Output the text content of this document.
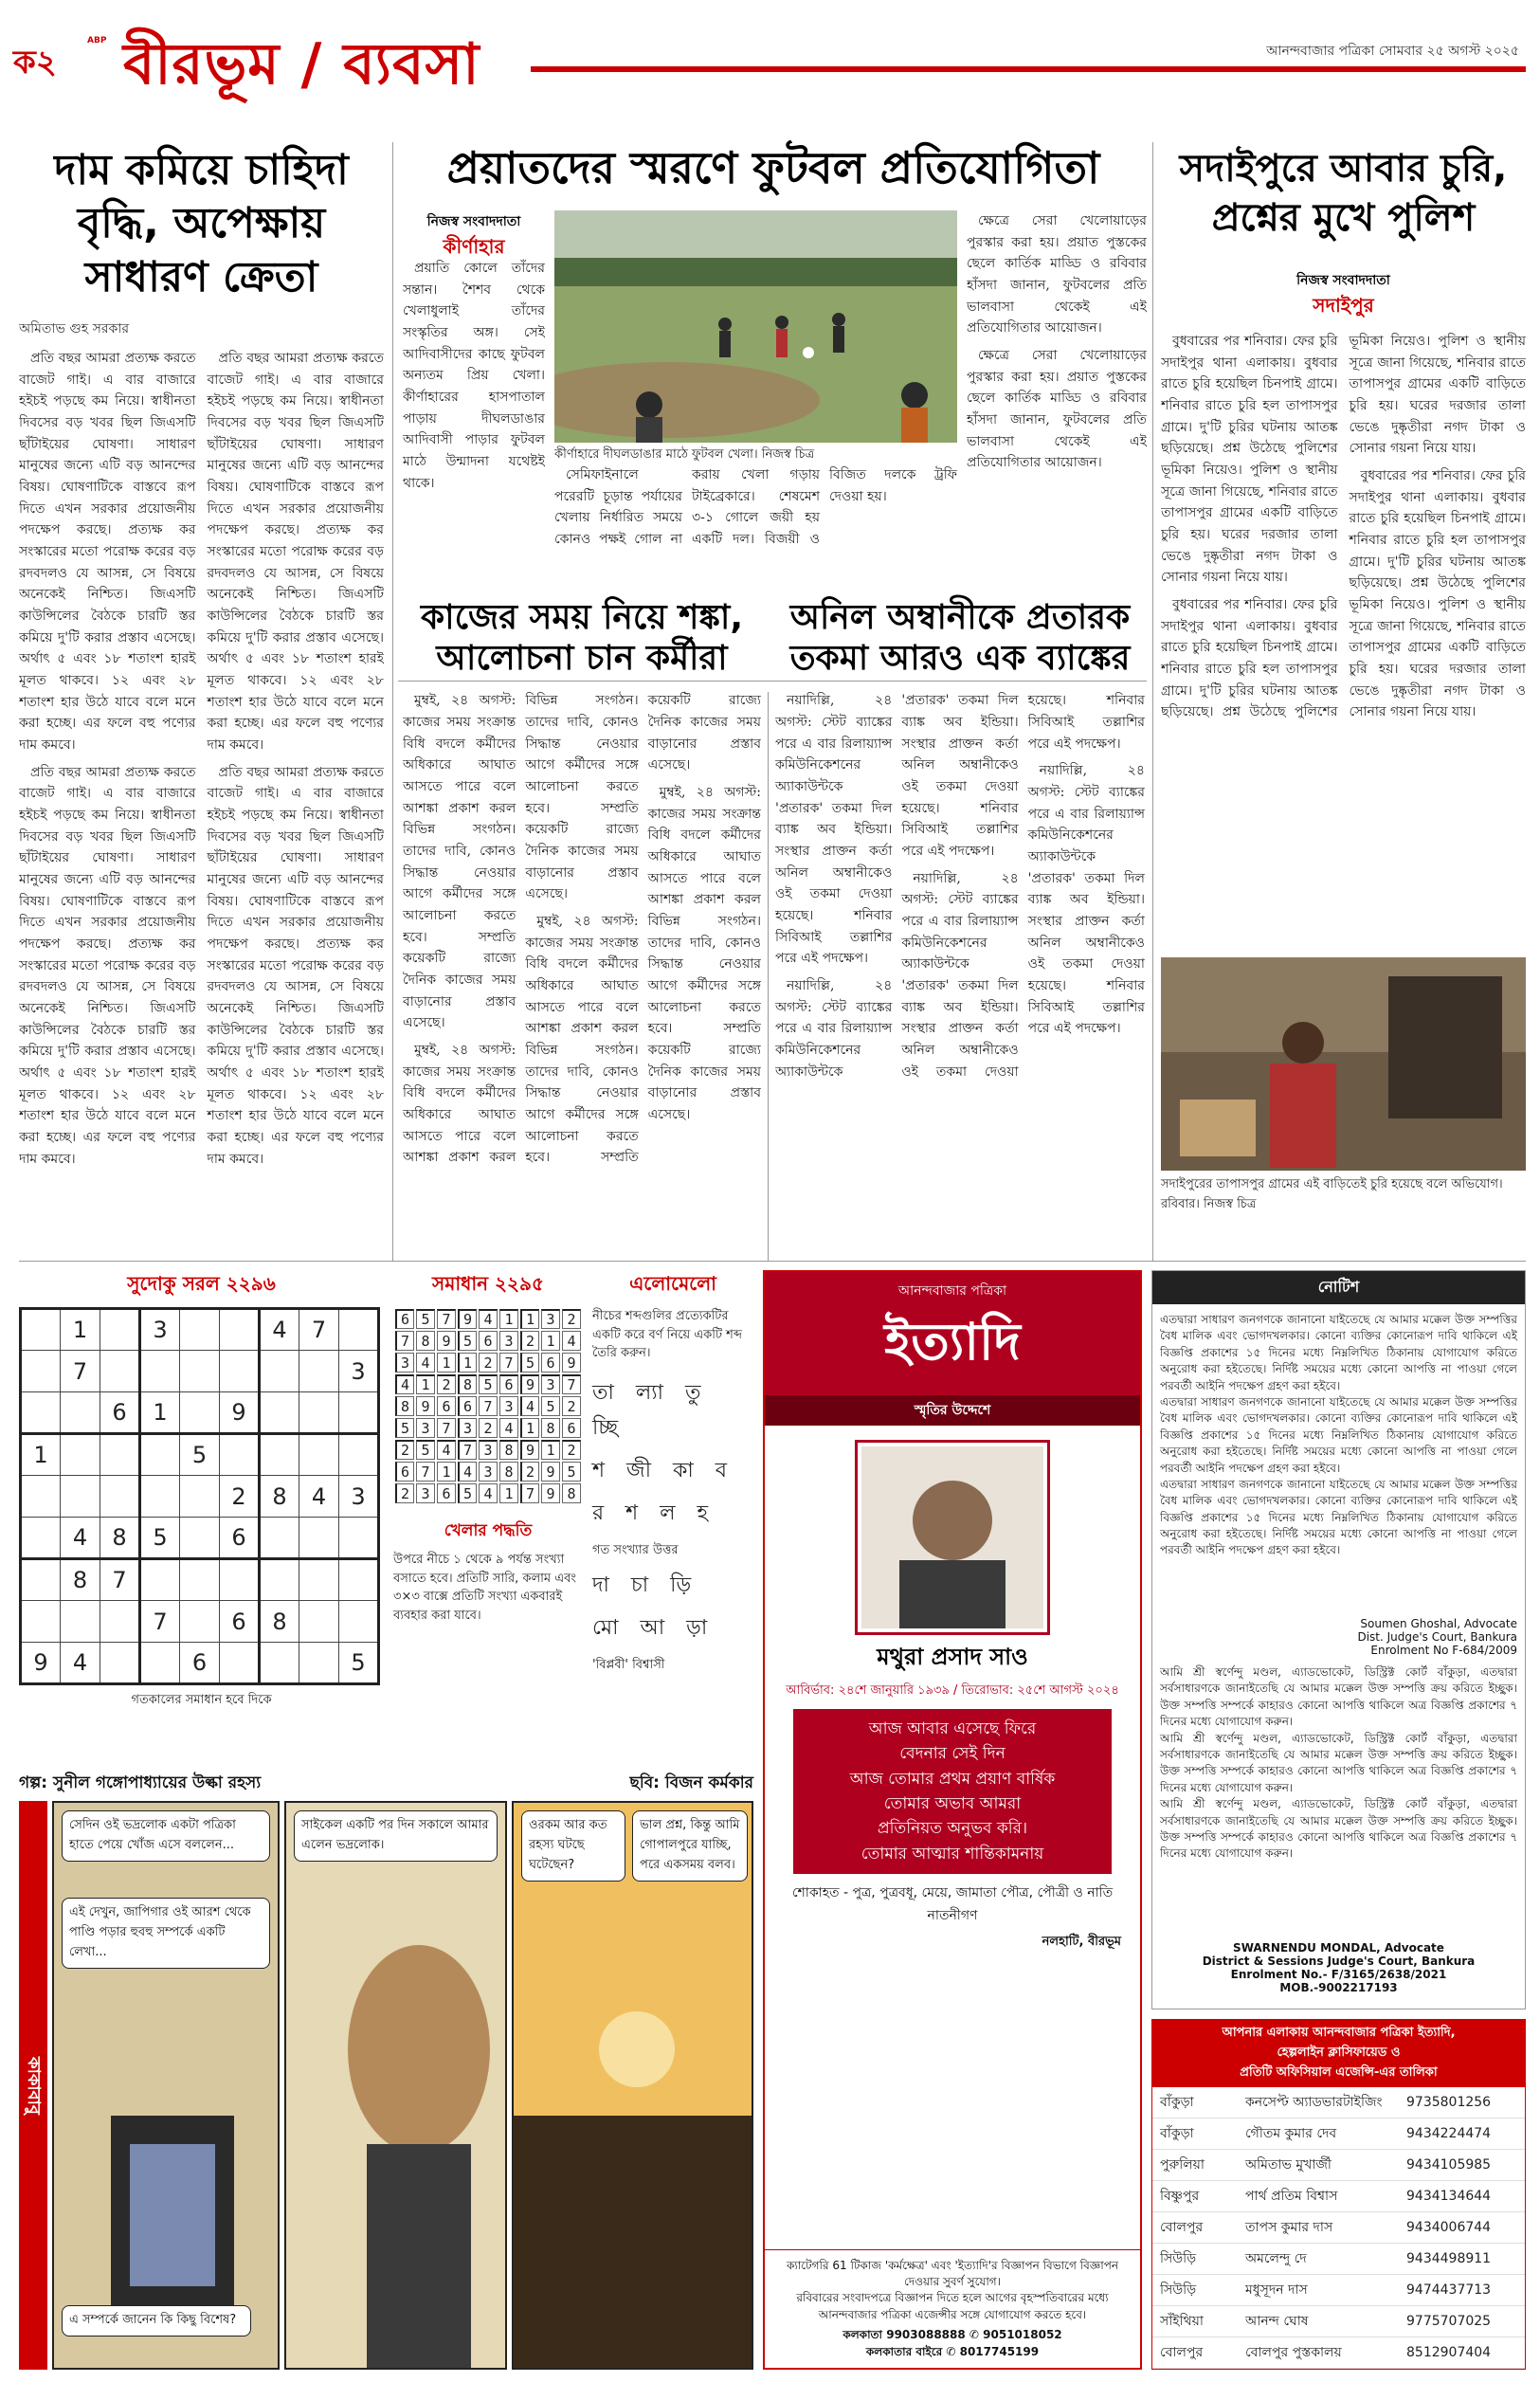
ক২
ABP বীরভূম / ব্যবসা	আনন্দবাজার পত্রিকা সোমবার ২৫ অগস্ট ২০২৫
দাম কমিয়ে চাহিদা বৃদ্ধি, অপেক্ষায় সাধারণ ক্রেতা
অমিতাভ গুহ সরকার

প্রতি বছর আমরা প্রত্যক্ষ করতে বাজেট গাই। এ বার বাজারে হইচই পড়ছে কম নিয়ে। স্বাধীনতা দিবসের বড় খবর ছিল জিএসটি ছাঁটাইয়ের ঘোষণা। সাধারণ মানুষের জন্যে এটি বড় আনন্দের বিষয়। ঘোষণাটিকে বাস্তবে রূপ দিতে এখন সরকার প্রয়োজনীয় পদক্ষেপ করছে। প্রত্যক্ষ কর সংস্কারের মতো পরোক্ষ করের বড় রদবদলও যে আসন্ন, সে বিষয়ে অনেকেই নিশ্চিত। জিএসটি কাউন্সিলের বৈঠকে চারটি স্তর কমিয়ে দু'টি করার প্রস্তাব এসেছে। অর্থাৎ ৫ এবং ১৮ শতাংশ হারই মূলত থাকবে। ১২ এবং ২৮ শতাংশ হার উঠে যাবে বলে মনে করা হচ্ছে। এর ফলে বহু পণ্যের দাম কমবে।

প্রতি বছর আমরা প্রত্যক্ষ করতে বাজেট গাই। এ বার বাজারে হইচই পড়ছে কম নিয়ে। স্বাধীনতা দিবসের বড় খবর ছিল জিএসটি ছাঁটাইয়ের ঘোষণা। সাধারণ মানুষের জন্যে এটি বড় আনন্দের বিষয়। ঘোষণাটিকে বাস্তবে রূপ দিতে এখন সরকার প্রয়োজনীয় পদক্ষেপ করছে। প্রত্যক্ষ কর সংস্কারের মতো পরোক্ষ করের বড় রদবদলও যে আসন্ন, সে বিষয়ে অনেকেই নিশ্চিত। জিএসটি কাউন্সিলের বৈঠকে চারটি স্তর কমিয়ে দু'টি করার প্রস্তাব এসেছে। অর্থাৎ ৫ এবং ১৮ শতাংশ হারই মূলত থাকবে। ১২ এবং ২৮ শতাংশ হার উঠে যাবে বলে মনে করা হচ্ছে। এর ফলে বহু পণ্যের দাম কমবে।

প্রতি বছর আমরা প্রত্যক্ষ করতে বাজেট গাই। এ বার বাজারে হইচই পড়ছে কম নিয়ে। স্বাধীনতা দিবসের বড় খবর ছিল জিএসটি ছাঁটাইয়ের ঘোষণা। সাধারণ মানুষের জন্যে এটি বড় আনন্দের বিষয়। ঘোষণাটিকে বাস্তবে রূপ দিতে এখন সরকার প্রয়োজনীয় পদক্ষেপ করছে। প্রত্যক্ষ কর সংস্কারের মতো পরোক্ষ করের বড় রদবদলও যে আসন্ন, সে বিষয়ে অনেকেই নিশ্চিত। জিএসটি কাউন্সিলের বৈঠকে চারটি স্তর কমিয়ে দু'টি করার প্রস্তাব এসেছে। অর্থাৎ ৫ এবং ১৮ শতাংশ হারই মূলত থাকবে। ১২ এবং ২৮ শতাংশ হার উঠে যাবে বলে মনে করা হচ্ছে। এর ফলে বহু পণ্যের দাম কমবে।

প্রতি বছর আমরা প্রত্যক্ষ করতে বাজেট গাই। এ বার বাজারে হইচই পড়ছে কম নিয়ে। স্বাধীনতা দিবসের বড় খবর ছিল জিএসটি ছাঁটাইয়ের ঘোষণা। সাধারণ মানুষের জন্যে এটি বড় আনন্দের বিষয়। ঘোষণাটিকে বাস্তবে রূপ দিতে এখন সরকার প্রয়োজনীয় পদক্ষেপ করছে। প্রত্যক্ষ কর সংস্কারের মতো পরোক্ষ করের বড় রদবদলও যে আসন্ন, সে বিষয়ে অনেকেই নিশ্চিত। জিএসটি কাউন্সিলের বৈঠকে চারটি স্তর কমিয়ে দু'টি করার প্রস্তাব এসেছে। অর্থাৎ ৫ এবং ১৮ শতাংশ হারই মূলত থাকবে। ১২ এবং ২৮ শতাংশ হার উঠে যাবে বলে মনে করা হচ্ছে। এর ফলে বহু পণ্যের দাম কমবে।

প্রয়াতদের স্মরণে ফুটবল প্রতিযোগিতা
নিজস্ব সংবাদদাতা
কীর্ণাহার

প্রয়াতি কোলে তাঁদের সন্তান। শৈশব থেকে খেলাধুলাই তাঁদের সংস্কৃতির অঙ্গ। সেই আদিবাসীদের কাছে ফুটবল অন্যতম প্রিয় খেলা। কীর্ণাহারের হাসপাতাল পাড়ায় দীঘলডাঙার আদিবাসী পাড়ার ফুটবল মাঠে উন্মাদনা যথেষ্টই থাকে।

কীর্ণাহারে দীঘলডাঙার মাঠে ফুটবল খেলা। নিজস্ব চিত্র

ক্ষেত্রে সেরা খেলোয়াড়ের পুরস্কার করা হয়। প্রয়াত পুস্তকের ছেলে কার্তিক মাড্ডি ও রবিবার হাঁসদা জানান, ফুটবলের প্রতি ভালবাসা থেকেই এই প্রতিযোগিতার আয়োজন।

ক্ষেত্রে সেরা খেলোয়াড়ের পুরস্কার করা হয়। প্রয়াত পুস্তকের ছেলে কার্তিক মাড্ডি ও রবিবার হাঁসদা জানান, ফুটবলের প্রতি ভালবাসা থেকেই এই প্রতিযোগিতার আয়োজন।

সেমিফাইনালে পরেরটি চূড়ান্ত পর্যায়ের খেলায় নির্ধারিত সময়ে কোনও পক্ষই গোল না করায় খেলা গড়ায় টাইব্রেকারে। শেষমেশ ৩-১ গোলে জয়ী হয় একটি দল। বিজয়ী ও বিজিত দলকে ট্রফি দেওয়া হয়।

কাজের সময় নিয়ে শঙ্কা, আলোচনা চান কর্মীরা

মুম্বই, ২৪ অগস্ট: কাজের সময় সংক্রান্ত বিধি বদলে কর্মীদের অধিকারে আঘাত আসতে পারে বলে আশঙ্কা প্রকাশ করল বিভিন্ন সংগঠন। তাদের দাবি, কোনও সিদ্ধান্ত নেওয়ার আগে কর্মীদের সঙ্গে আলোচনা করতে হবে। সম্প্রতি কয়েকটি রাজ্যে দৈনিক কাজের সময় বাড়ানোর প্রস্তাব এসেছে।

মুম্বই, ২৪ অগস্ট: কাজের সময় সংক্রান্ত বিধি বদলে কর্মীদের অধিকারে আঘাত আসতে পারে বলে আশঙ্কা প্রকাশ করল বিভিন্ন সংগঠন। তাদের দাবি, কোনও সিদ্ধান্ত নেওয়ার আগে কর্মীদের সঙ্গে আলোচনা করতে হবে। সম্প্রতি কয়েকটি রাজ্যে দৈনিক কাজের সময় বাড়ানোর প্রস্তাব এসেছে।

মুম্বই, ২৪ অগস্ট: কাজের সময় সংক্রান্ত বিধি বদলে কর্মীদের অধিকারে আঘাত আসতে পারে বলে আশঙ্কা প্রকাশ করল বিভিন্ন সংগঠন। তাদের দাবি, কোনও সিদ্ধান্ত নেওয়ার আগে কর্মীদের সঙ্গে আলোচনা করতে হবে। সম্প্রতি কয়েকটি রাজ্যে দৈনিক কাজের সময় বাড়ানোর প্রস্তাব এসেছে।

মুম্বই, ২৪ অগস্ট: কাজের সময় সংক্রান্ত বিধি বদলে কর্মীদের অধিকারে আঘাত আসতে পারে বলে আশঙ্কা প্রকাশ করল বিভিন্ন সংগঠন। তাদের দাবি, কোনও সিদ্ধান্ত নেওয়ার আগে কর্মীদের সঙ্গে আলোচনা করতে হবে। সম্প্রতি কয়েকটি রাজ্যে দৈনিক কাজের সময় বাড়ানোর প্রস্তাব এসেছে।

অনিল অম্বানীকে প্রতারক তকমা আরও এক ব্যাঙ্কের

নয়াদিল্লি, ২৪ অগস্ট: স্টেট ব্যাঙ্কের পরে এ বার রিলায়্যান্স কমিউনিকেশনের অ্যাকাউন্টকে 'প্রতারক' তকমা দিল ব্যাঙ্ক অব ইন্ডিয়া। সংস্থার প্রাক্তন কর্তা অনিল অম্বানীকেও ওই তকমা দেওয়া হয়েছে। শনিবার সিবিআই তল্লাশির পরে এই পদক্ষেপ।

নয়াদিল্লি, ২৪ অগস্ট: স্টেট ব্যাঙ্কের পরে এ বার রিলায়্যান্স কমিউনিকেশনের অ্যাকাউন্টকে 'প্রতারক' তকমা দিল ব্যাঙ্ক অব ইন্ডিয়া। সংস্থার প্রাক্তন কর্তা অনিল অম্বানীকেও ওই তকমা দেওয়া হয়েছে। শনিবার সিবিআই তল্লাশির পরে এই পদক্ষেপ।

নয়াদিল্লি, ২৪ অগস্ট: স্টেট ব্যাঙ্কের পরে এ বার রিলায়্যান্স কমিউনিকেশনের অ্যাকাউন্টকে 'প্রতারক' তকমা দিল ব্যাঙ্ক অব ইন্ডিয়া। সংস্থার প্রাক্তন কর্তা অনিল অম্বানীকেও ওই তকমা দেওয়া হয়েছে। শনিবার সিবিআই তল্লাশির পরে এই পদক্ষেপ।

নয়াদিল্লি, ২৪ অগস্ট: স্টেট ব্যাঙ্কের পরে এ বার রিলায়্যান্স কমিউনিকেশনের অ্যাকাউন্টকে 'প্রতারক' তকমা দিল ব্যাঙ্ক অব ইন্ডিয়া। সংস্থার প্রাক্তন কর্তা অনিল অম্বানীকেও ওই তকমা দেওয়া হয়েছে। শনিবার সিবিআই তল্লাশির পরে এই পদক্ষেপ।

সদাইপুরে আবার চুরি, প্রশ্নের মুখে পুলিশ
নিজস্ব সংবাদদাতা
সদাইপুর

বুধবারের পর শনিবার। ফের চুরি সদাইপুর থানা এলাকায়। বুধবার রাতে চুরি হয়েছিল চিনপাই গ্রামে। শনিবার রাতে চুরি হল তাপাসপুর গ্রামে। দু'টি চুরির ঘটনায় আতঙ্ক ছড়িয়েছে। প্রশ্ন উঠেছে পুলিশের ভূমিকা নিয়েও। পুলিশ ও স্থানীয় সূত্রে জানা গিয়েছে, শনিবার রাতে তাপাসপুর গ্রামের একটি বাড়িতে চুরি হয়। ঘরের দরজার তালা ভেঙে দুষ্কৃতীরা নগদ টাকা ও সোনার গয়না নিয়ে যায়।

বুধবারের পর শনিবার। ফের চুরি সদাইপুর থানা এলাকায়। বুধবার রাতে চুরি হয়েছিল চিনপাই গ্রামে। শনিবার রাতে চুরি হল তাপাসপুর গ্রামে। দু'টি চুরির ঘটনায় আতঙ্ক ছড়িয়েছে। প্রশ্ন উঠেছে পুলিশের ভূমিকা নিয়েও। পুলিশ ও স্থানীয় সূত্রে জানা গিয়েছে, শনিবার রাতে তাপাসপুর গ্রামের একটি বাড়িতে চুরি হয়। ঘরের দরজার তালা ভেঙে দুষ্কৃতীরা নগদ টাকা ও সোনার গয়না নিয়ে যায়।

বুধবারের পর শনিবার। ফের চুরি সদাইপুর থানা এলাকায়। বুধবার রাতে চুরি হয়েছিল চিনপাই গ্রামে। শনিবার রাতে চুরি হল তাপাসপুর গ্রামে। দু'টি চুরির ঘটনায় আতঙ্ক ছড়িয়েছে। প্রশ্ন উঠেছে পুলিশের ভূমিকা নিয়েও। পুলিশ ও স্থানীয় সূত্রে জানা গিয়েছে, শনিবার রাতে তাপাসপুর গ্রামের একটি বাড়িতে চুরি হয়। ঘরের দরজার তালা ভেঙে দুষ্কৃতীরা নগদ টাকা ও সোনার গয়না নিয়ে যায়।

সদাইপুরের তাপাসপুর গ্রামের এই বাড়িতেই চুরি হয়েছে বলে অভিযোগ। রবিবার। নিজস্ব চিত্র
সুদোকু সরল ২২৯৬
	1		3			4	7	
	7							3
		6	1		9			
1				5				
					2	8	4	3
	4	8	5		6			
	8	7						
			7		6	8		
9	4			6				5
গতকালের সমাধান হবে দিকে
সমাধান ২২৯৫
6	5	7	9	4	1	1	3	2
7	8	9	5	6	3	2	1	4
3	4	1	1	2	7	5	6	9
4	1	2	8	5	6	9	3	7
8	9	6	6	7	3	4	5	2
5	3	7	3	2	4	1	8	6
2	5	4	7	3	8	9	1	2
6	7	1	4	3	8	2	9	5
2	3	6	5	4	1	7	9	8
খেলার পদ্ধতি
উপরে নীচে ১ থেকে ৯ পর্যন্ত সংখ্যা বসাতে হবে। প্রতিটি সারি, কলাম এবং ৩×৩ বাক্সে প্রতিটি সংখ্যা একবারই ব্যবহার করা যাবে।
এলোমেলো
নীচের শব্দগুলির প্রত্যেকটির একটি করে বর্ণ নিয়ে একটি শব্দ তৈরি করুন।
তা ল্যা তু চ্ছি
শ জী কা ব
র শ ল হ
গত সংখ্যার উত্তর
দা চা ড়ি
মো আ ড়া
'বিপ্লবী' বিশ্বাসী
গল্প: সুনীল গঙ্গোপাধ্যায়ের উল্কা রহস্য	ছবি: বিজন কর্মকার
কাকাবাবু
সেদিন ওই ভদ্রলোক একটা পত্রিকা হাতে পেয়ে খোঁজ এসে বললেন...
এই দেখুন, জাপিগার ওই আরশ থেকে পাণ্ডি পড়ার হুবহু সম্পর্কে একটি লেখা...
এ সম্পর্কে জানেন কি কিছু বিশেষ?
সাইকেল একটি পর দিন সকালে আমার এলেন ভদ্রলোক।
ওরকম আর কত রহস্য ঘটছে ঘটেছেন?
ভাল প্রশ্ন, কিন্তু আমি গোপালপুরে যাচ্ছি, পরে একসময় বলব।
আনন্দবাজার পত্রিকা
ইত্যাদি
স্মৃতির উদ্দেশে
মথুরা প্রসাদ সাও
আবির্ভাব: ২৪শে জানুয়ারি ১৯৩৯ / তিরোভাব: ২৫শে আগস্ট ২০২৪
আজ আবার এসেছে ফিরে
বেদনার সেই দিন
আজ তোমার প্রথম প্রয়াণ বার্ষিক
তোমার অভাব আমরা
প্রতিনিয়ত অনুভব করি।
তোমার আত্মার শান্তিকামনায়
শোকাহত - পুত্র, পুত্রবধূ, মেয়ে, জামাতা পৌত্র, পৌত্রী ও নাতি নাতনীগণ
নলহাটি, বীরভূম
ক্যাটেগরি 61 টিকাজ 'কর্মক্ষেত্র' এবং 'ইত্যাদি'র বিজ্ঞাপন বিভাগে বিজ্ঞাপন দেওয়ার সুবর্ণ সুযোগ।
রবিবারের সংবাদপত্রে বিজ্ঞাপন দিতে হলে আগের বৃহস্পতিবারের মধ্যে আনন্দবাজার পত্রিকা এজেন্সীর সঙ্গে যোগাযোগ করতে হবে।
কলকাতা 9903088888 ✆ 9051018052
কলকাতার বাইরে ✆ 8017745199
নোটিশ

এতদ্বারা সাধারণ জনগণকে জানানো যাইতেছে যে আমার মক্কেল উক্ত সম্পত্তির বৈধ মালিক এবং ভোগদখলকার। কোনো ব্যক্তির কোনোরূপ দাবি থাকিলে এই বিজ্ঞপ্তি প্রকাশের ১৫ দিনের মধ্যে নিম্নলিখিত ঠিকানায় যোগাযোগ করিতে অনুরোধ করা হইতেছে। নির্দিষ্ট সময়ের মধ্যে কোনো আপত্তি না পাওয়া গেলে পরবর্তী আইনি পদক্ষেপ গ্রহণ করা হইবে।

এতদ্বারা সাধারণ জনগণকে জানানো যাইতেছে যে আমার মক্কেল উক্ত সম্পত্তির বৈধ মালিক এবং ভোগদখলকার। কোনো ব্যক্তির কোনোরূপ দাবি থাকিলে এই বিজ্ঞপ্তি প্রকাশের ১৫ দিনের মধ্যে নিম্নলিখিত ঠিকানায় যোগাযোগ করিতে অনুরোধ করা হইতেছে। নির্দিষ্ট সময়ের মধ্যে কোনো আপত্তি না পাওয়া গেলে পরবর্তী আইনি পদক্ষেপ গ্রহণ করা হইবে।

এতদ্বারা সাধারণ জনগণকে জানানো যাইতেছে যে আমার মক্কেল উক্ত সম্পত্তির বৈধ মালিক এবং ভোগদখলকার। কোনো ব্যক্তির কোনোরূপ দাবি থাকিলে এই বিজ্ঞপ্তি প্রকাশের ১৫ দিনের মধ্যে নিম্নলিখিত ঠিকানায় যোগাযোগ করিতে অনুরোধ করা হইতেছে। নির্দিষ্ট সময়ের মধ্যে কোনো আপত্তি না পাওয়া গেলে পরবর্তী আইনি পদক্ষেপ গ্রহণ করা হইবে।

Soumen Ghoshal, Advocate
Dist. Judge's Court, Bankura
Enrolment No F-684/2009

আমি শ্রী স্বর্ণেন্দু মণ্ডল, এ্যাডভোকেট, ডিস্ট্রিক্ট কোর্ট বাঁকুড়া, এতদ্বারা সর্বসাধারণকে জানাইতেছি যে আমার মক্কেল উক্ত সম্পত্তি ক্রয় করিতে ইচ্ছুক। উক্ত সম্পত্তি সম্পর্কে কাহারও কোনো আপত্তি থাকিলে অত্র বিজ্ঞপ্তি প্রকাশের ৭ দিনের মধ্যে যোগাযোগ করুন।

আমি শ্রী স্বর্ণেন্দু মণ্ডল, এ্যাডভোকেট, ডিস্ট্রিক্ট কোর্ট বাঁকুড়া, এতদ্বারা সর্বসাধারণকে জানাইতেছি যে আমার মক্কেল উক্ত সম্পত্তি ক্রয় করিতে ইচ্ছুক। উক্ত সম্পত্তি সম্পর্কে কাহারও কোনো আপত্তি থাকিলে অত্র বিজ্ঞপ্তি প্রকাশের ৭ দিনের মধ্যে যোগাযোগ করুন।

আমি শ্রী স্বর্ণেন্দু মণ্ডল, এ্যাডভোকেট, ডিস্ট্রিক্ট কোর্ট বাঁকুড়া, এতদ্বারা সর্বসাধারণকে জানাইতেছি যে আমার মক্কেল উক্ত সম্পত্তি ক্রয় করিতে ইচ্ছুক। উক্ত সম্পত্তি সম্পর্কে কাহারও কোনো আপত্তি থাকিলে অত্র বিজ্ঞপ্তি প্রকাশের ৭ দিনের মধ্যে যোগাযোগ করুন।

SWARNENDU MONDAL, Advocate
District & Sessions Judge's Court, Bankura
Enrolment No.- F/3165/2638/2021
MOB.-9002217193
আপনার এলাকায় আনন্দবাজার পত্রিকা ইত্যাদি,
হেল্পলাইন ক্লাসিফায়েড ও
প্রতিটি অফিসিয়াল এজেন্সি-এর তালিকা
বাঁকুড়া	কনসেপ্ট অ্যাডভারটাইজিং	9735801256
বাঁকুড়া	গৌতম কুমার দেব	9434224474
পুরুলিয়া	অমিতাভ মুখার্জী	9434105985
বিষ্ণুপুর	পার্থ প্রতিম বিশ্বাস	9434134644
বোলপুর	তাপস কুমার দাস	9434006744
সিউড়ি	অমলেন্দু দে	9434498911
সিউড়ি	মধুসূদন দাস	9474437713
সাঁইথিয়া	আনন্দ ঘোষ	9775707025
বোলপুর	বোলপুর পুস্তকালয়	8512907404
